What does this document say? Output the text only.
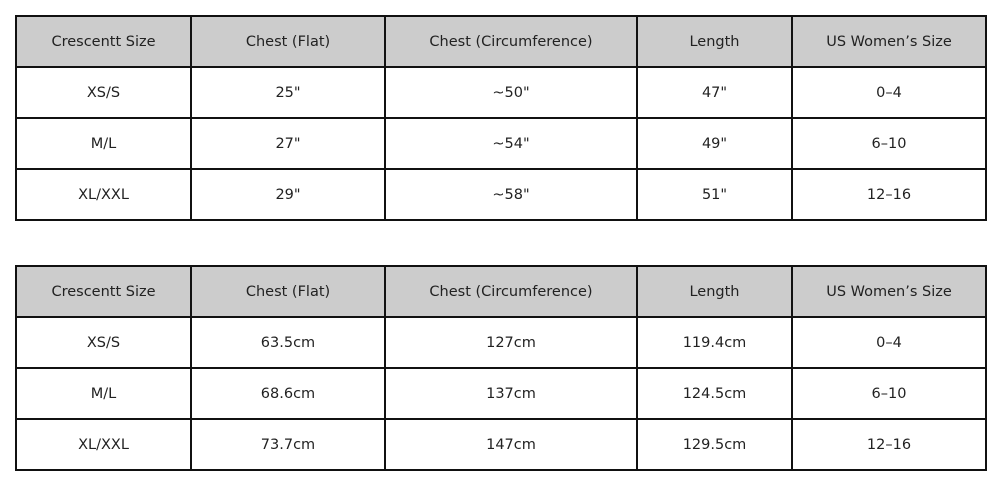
Crescentt Size	Chest (Flat)	Chest (Circumference)	Length	US Women’s Size
XS/S	25"	~50"	47"	0–4
M/L	27"	~54"	49"	6–10
XL/XXL	29"	~58"	51"	12–16
Crescentt Size	Chest (Flat)	Chest (Circumference)	Length	US Women’s Size
XS/S	63.5cm	127cm	119.4cm	0–4
M/L	68.6cm	137cm	124.5cm	6–10
XL/XXL	73.7cm	147cm	129.5cm	12–16
